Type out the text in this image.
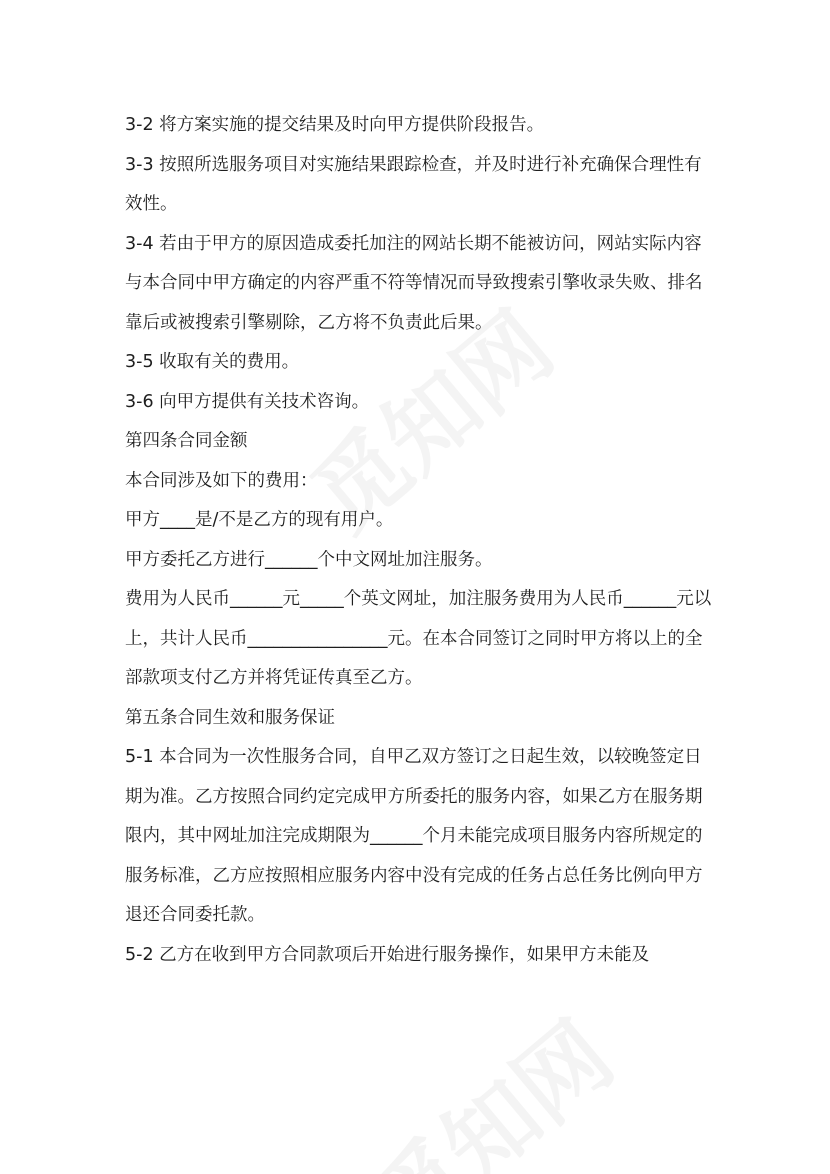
3-2 将方案实施的提交结果及时向甲方提供阶段报告。

3-3 按照所选服务项目对实施结果跟踪检查，并及时进行补充确保合理性有效性。

3-4 若由于甲方的原因造成委托加注的网站长期不能被访问，网站实际内容与本合同中甲方确定的内容严重不符等情况而导致搜索引擎收录失败、排名靠后或被搜索引擎剔除，乙方将不负责此后果。

3-5 收取有关的费用。

3-6 向甲方提供有关技术咨询。

第四条合同金额

本合同涉及如下的费用：

甲方____是/不是乙方的现有用户。

甲方委托乙方进行______个中文网址加注服务。

费用为人民币______元_____个英文网址，加注服务费用为人民币______元以上，共计人民币________________元。在本合同签订之同时甲方将以上的全部款项支付乙方并将凭证传真至乙方。

第五条合同生效和服务保证

5-1 本合同为一次性服务合同，自甲乙双方签订之日起生效，以较晚签定日期为准。乙方按照合同约定完成甲方所委托的服务内容，如果乙方在服务期限内，其中网址加注完成期限为______个月未能完成项目服务内容所规定的服务标准，乙方应按照相应服务内容中没有完成的任务占总任务比例向甲方退还合同委托款。

5-2 乙方在收到甲方合同款项后开始进行服务操作，如果甲方未能及
